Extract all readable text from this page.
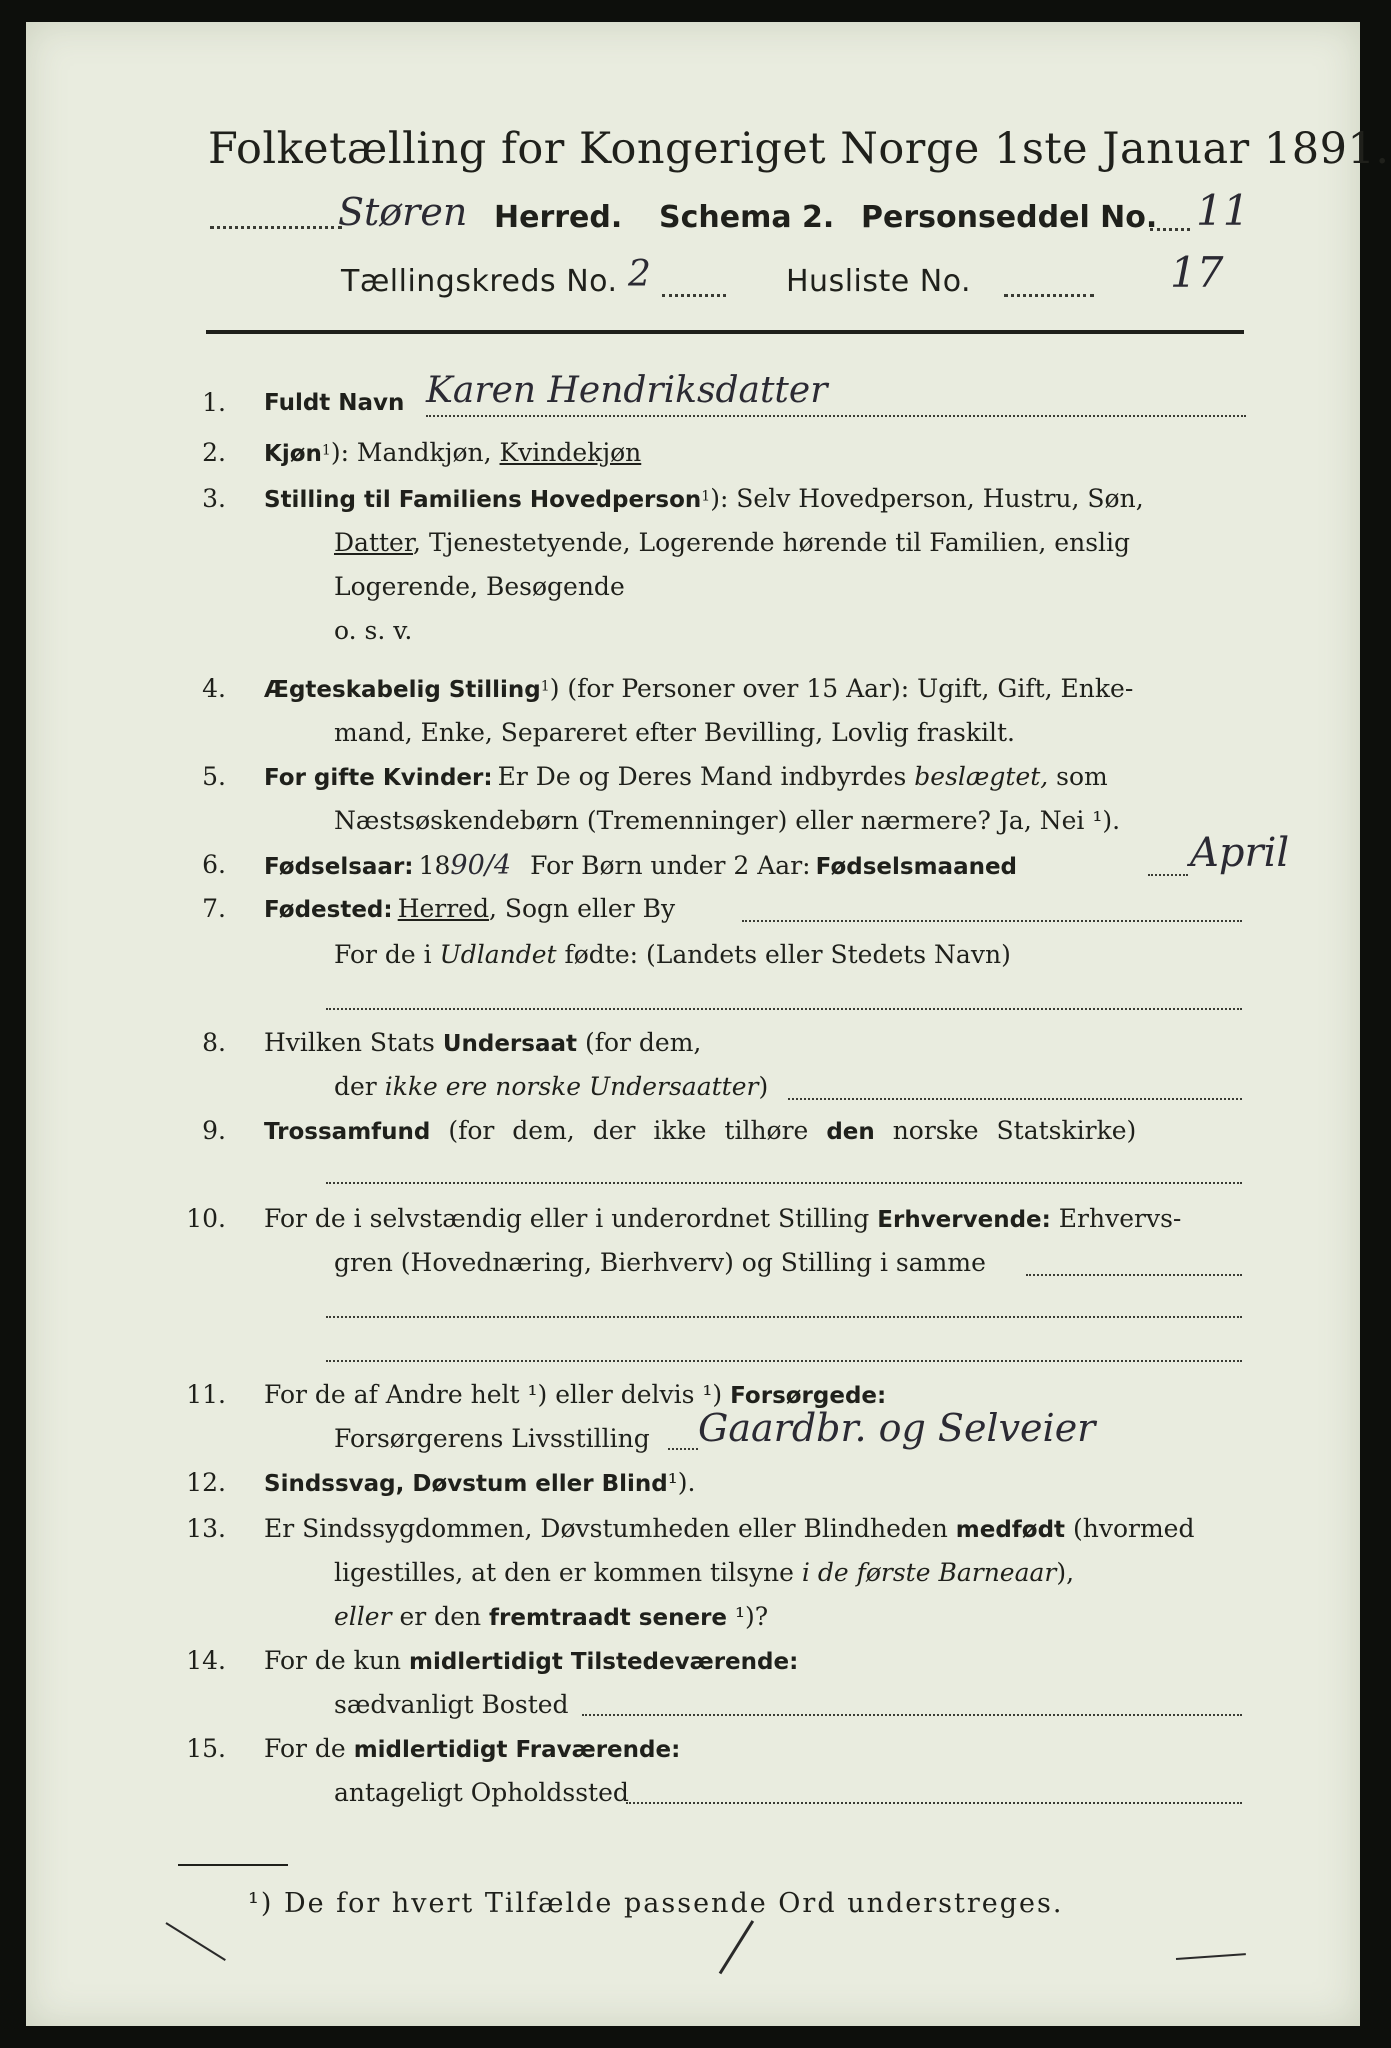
Folketælling for Kongeriget Norge 1ste Januar 1891.
Støren Herred. Schema 2. Personseddel No. 11
Tællingskreds No. 2	Husliste No.	17
1. Fuldt Navn Karen Hendriksdatter
2. Kjøn$^1$): Mandkjøn, Kvindekjøn
3. Stilling til Familiens Hovedperson$^1$): Selv Hovedperson, Hustru, Søn,
Datter, Tjenestetyende, Logerende hørende til Familien, enslig
Logerende, Besøgende
o. s. v.
4. Ægteskabelig Stilling$^1$) (for Personer over 15 Aar): Ugift, Gift, Enke-
mand, Enke, Separeret efter Bevilling, Lovlig fraskilt.
5. For gifte Kvinder: Er De og Deres Mand indbyrdes beslægtet, som
Næstsøskendebørn (Tremenninger) eller nærmere? Ja, Nei ¹).
6. Fødselsaar: 1890/4 For Børn under 2 Aar: Fødselsmaaned	April
7. Fødested: Herred, Sogn eller By
For de i Udlandet fødte: (Landets eller Stedets Navn)
8. Hvilken Stats Undersaat (for dem,
der ikke ere norske Undersaatter)
9. Trossamfund (for dem, der ikke tilhøre den norske Statskirke)
10. For de i selvstændig eller i underordnet Stilling Erhvervende: Erhvervs-
gren (Hovednæring, Bierhverv) og Stilling i samme
11. For de af Andre helt ¹) eller delvis ¹) Forsørgede:
Forsørgerens Livsstilling Gaardbr. og Selveier
12. Sindssvag, Døvstum eller Blind¹).
13. Er Sindssygdommen, Døvstumheden eller Blindheden medfødt (hvormed
ligestilles, at den er kommen tilsyne i de første Barneaar),
eller er den fremtraadt senere ¹)?
14. For de kun midlertidigt Tilstedeværende:
sædvanligt Bosted
15. For de midlertidigt Fraværende:
antageligt Opholdssted
¹) De for hvert Tilfælde passende Ord understreges.
